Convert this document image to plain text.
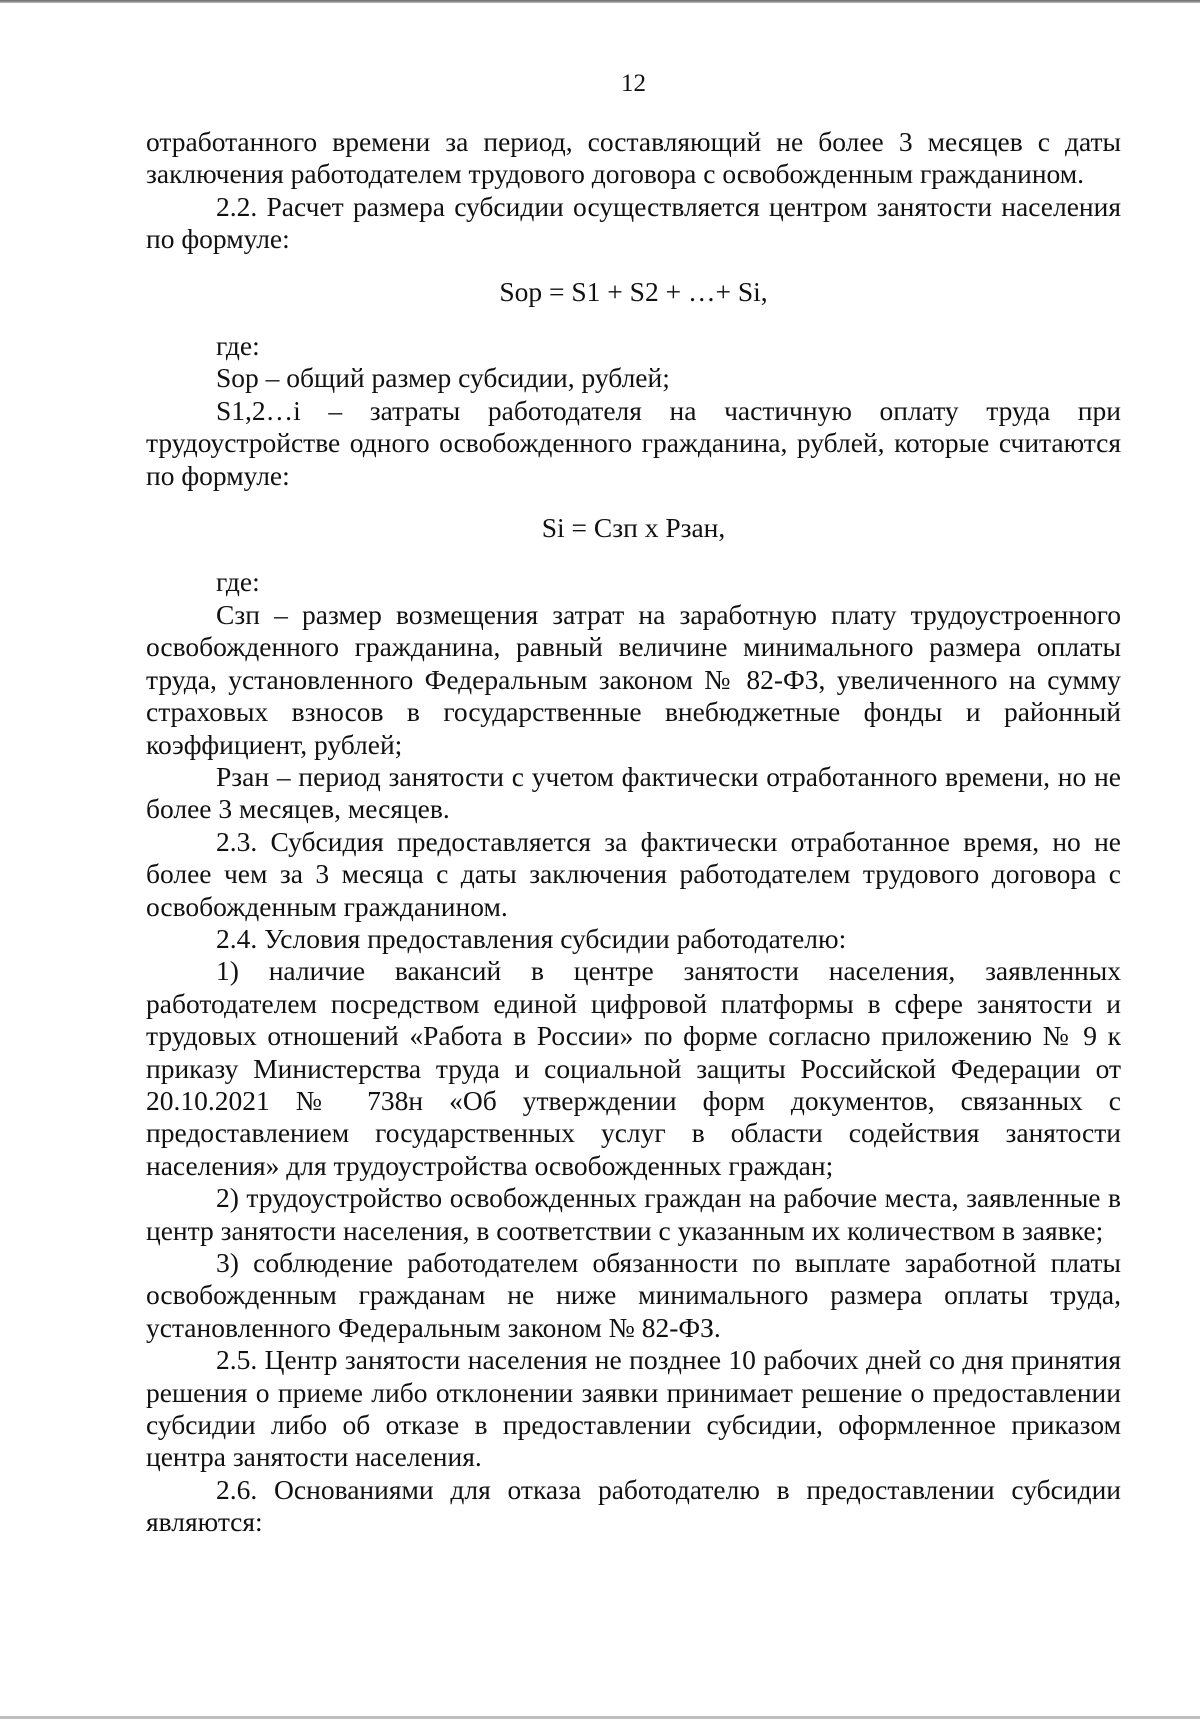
12

отработанного времени за период, составляющий не более 3 месяцев с даты заключения работодателем трудового договора с освобожденным гражданином.

2.2. Расчет размера субсидии осуществляется центром занятости населения по формуле:

Sop = S1 + S2 + …+ Si,

где:

Sop – общий размер субсидии, рублей;

S1,2…i – затраты работодателя на частичную оплату труда при трудоустройстве одного освобожденного гражданина, рублей, которые считаются по формуле:

Si = Сзп х Рзан,

где:

Сзп – размер возмещения затрат на заработную плату трудоустроенного освобожденного гражданина, равный величине минимального размера оплаты труда, установленного Федеральным законом № 82-ФЗ, увеличенного на сумму страховых взносов в государственные внебюджетные фонды и районный коэффициент, рублей;

Рзан – период занятости с учетом фактически отработанного времени, но не более 3 месяцев, месяцев.

2.3. Субсидия предоставляется за фактически отработанное время, но не более чем за 3 месяца с даты заключения работодателем трудового договора с освобожденным гражданином.

2.4. Условия предоставления субсидии работодателю:

1) наличие вакансий в центре занятости населения, заявленных работодателем посредством единой цифровой платформы в сфере занятости и трудовых отношений «Работа в России» по форме согласно приложению № 9 к приказу Министерства труда и социальной защиты Российской Федерации от 20.10.2021 № 738н «Об утверждении форм документов, связанных с предоставлением государственных услуг в области содействия занятости населения» для трудоустройства освобожденных граждан;

2) трудоустройство освобожденных граждан на рабочие места, заявленные в центр занятости населения, в соответствии с указанным их количеством в заявке;

3) соблюдение работодателем обязанности по выплате заработной платы освобожденным гражданам не ниже минимального размера оплаты труда, установленного Федеральным законом № 82-ФЗ.

2.5. Центр занятости населения не позднее 10 рабочих дней со дня принятия решения о приеме либо отклонении заявки принимает решение о предоставлении субсидии либо об отказе в предоставлении субсидии, оформленное приказом центра занятости населения.

2.6. Основаниями для отказа работодателю в предоставлении субсидии являются:
